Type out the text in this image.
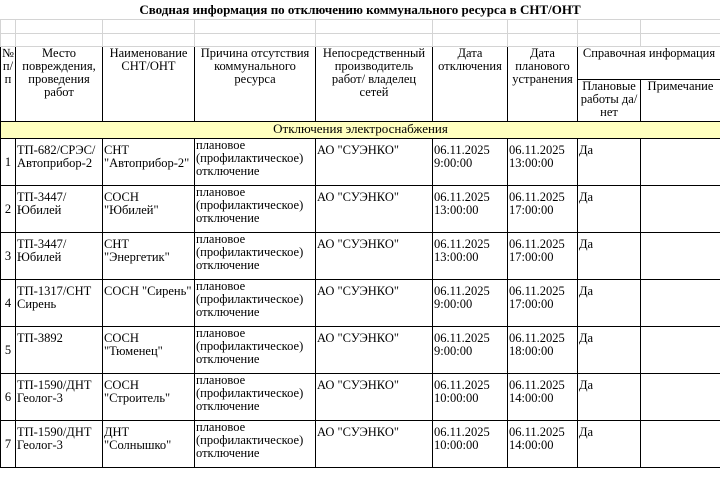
Сводная информация по отключению коммунального ресурса в СНТ/ОНТ

№ п/п	Место повреждения, проведения работ	Наименование СНТ/ОНТ	Причина отсутствия коммунального ресурса	Непосредственный производитель работ/ владелец сетей	Дата отключения	Дата планового устранения	Справочная информация	
							Плановые работы да/нет	Примечание
Отключения электроснабжения								
1	ТП-682/СРЭС/ Автоприбор-2	СНТ "Автоприбор-2"	плановое (профилактическое) отключение	АО "СУЭНКО"	06.11.2025 9:00:00	06.11.2025 13:00:00	Да	
2	ТП-3447/ Юбилей	СОСН "Юбилей"	плановое (профилактическое) отключение	АО "СУЭНКО"	06.11.2025 13:00:00	06.11.2025 17:00:00	Да	
3	ТП-3447/ Юбилей	СНТ "Энергетик"	плановое (профилактическое) отключение	АО "СУЭНКО"	06.11.2025 13:00:00	06.11.2025 17:00:00	Да	
4	ТП-1317/СНТ Сирень	СОСН "Сирень"	плановое (профилактическое) отключение	АО "СУЭНКО"	06.11.2025 9:00:00	06.11.2025 17:00:00	Да	
5	ТП-3892	СОСН "Тюменец"	плановое (профилактическое) отключение	АО "СУЭНКО"	06.11.2025 9:00:00	06.11.2025 18:00:00	Да	
6	ТП-1590/ДНТ Геолог-3	СОСН "Строитель"	плановое (профилактическое) отключение	АО "СУЭНКО"	06.11.2025 10:00:00	06.11.2025 14:00:00	Да	
7	ТП-1590/ДНТ Геолог-3	ДНТ "Солнышко"	плановое (профилактическое) отключение	АО "СУЭНКО"	06.11.2025 10:00:00	06.11.2025 14:00:00	Да	
